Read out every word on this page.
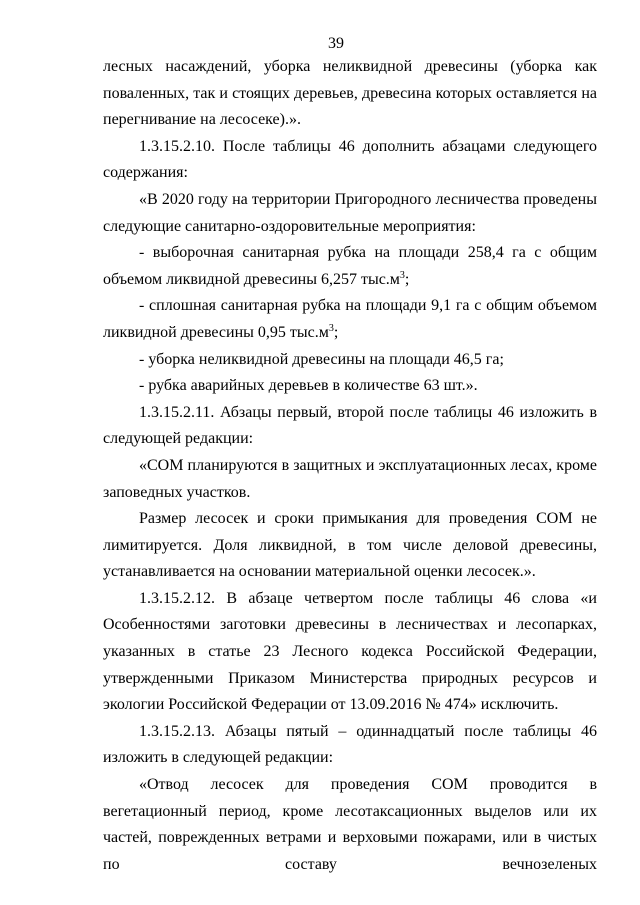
39

лесных насаждений, уборка неликвидной древесины (уборка как поваленных, так и стоящих деревьев, древесина которых оставляется на перегнивание на лесосеке).».

1.3.15.2.10. После таблицы 46 дополнить абзацами следующего содержания:

«В 2020 году на территории Пригородного лесничества проведены следующие санитарно-оздоровительные мероприятия:

- выборочная санитарная рубка на площади 258,4 га с общим объемом ликвидной древесины 6,257 $тыс.м^3$;

- сплошная санитарная рубка на площади 9,1 га с общим объемом ликвидной древесины 0,95 $тыс.м^3$;

- уборка неликвидной древесины на площади 46,5 га;

- рубка аварийных деревьев в количестве 63 шт.».

1.3.15.2.11. Абзацы первый, второй после таблицы 46 изложить в следующей редакции:

«СОМ планируются в защитных и эксплуатационных лесах, кроме заповедных участков.

Размер лесосек и сроки примыкания для проведения СОМ не лимитируется. Доля ликвидной, в том числе деловой древесины, устанавливается на основании материальной оценки лесосек.».

1.3.15.2.12. В абзаце четвертом после таблицы 46 слова «и Особенностями заготовки древесины в лесничествах и лесопарках, указанных в статье 23 Лесного кодекса Российской Федерации, утвержденными Приказом Министерства природных ресурсов и экологии Российской Федерации от 13.09.2016 № 474» исключить.

1.3.15.2.13. Абзацы пятый – одиннадцатый после таблицы 46 изложить в следующей редакции:

«Отвод лесосек для проведения СОМ проводится в вегетационный период, кроме лесотаксационных выделов или их частей, поврежденных ветрами и верховыми пожарами, или в чистых по составу вечнозеленых
